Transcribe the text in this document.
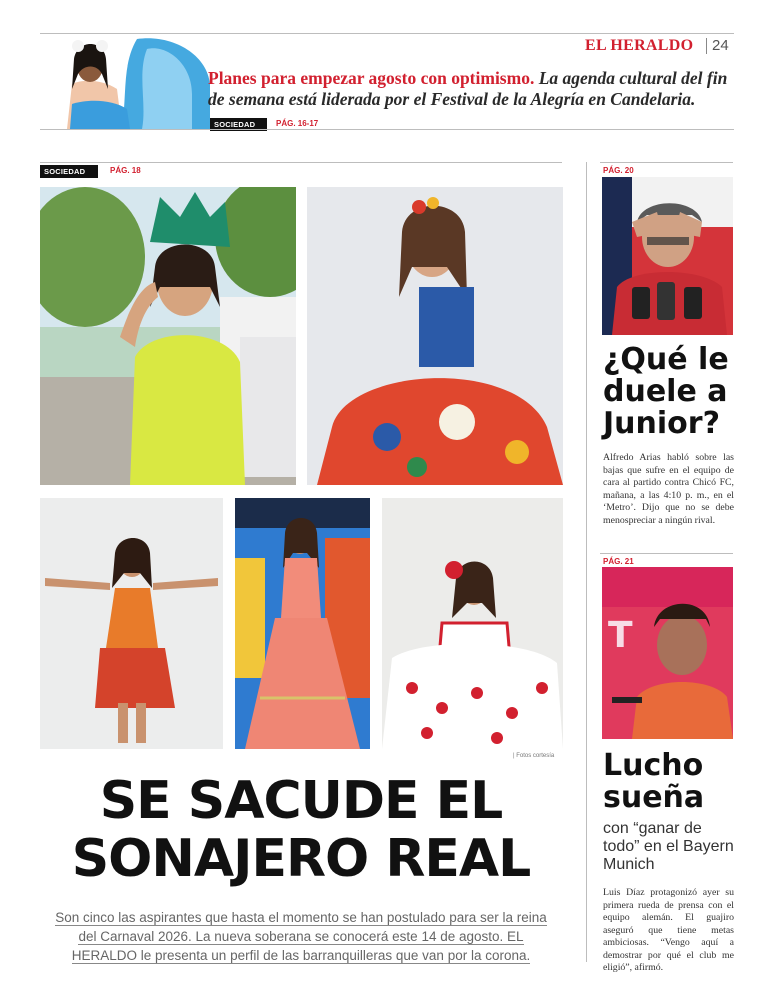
EL HERALDO 24
Planes para empezar agosto con optimismo. La agenda cultural del fin de semana está liderada por el Festival de la Alegría en Candelaria.
SOCIEDAD	PÁG. 16-17
SOCIEDAD	PÁG. 18
| Fotos cortesía
SE SACUDE EL
SONAJERO REAL
Son cinco las aspirantes que hasta el momento se han postulado para ser la reina del Carnaval 2026. La nueva soberana se conocerá este 14 de agosto. EL HERALDO le presenta un perfil de las barranquilleras que van por la corona.
PÁG. 20
¿Qué le duele a Junior?
Alfredo Arias habló sobre las bajas que sufre en el equipo de cara al partido contra Chicó FC, mañana, a las 4:10 p. m., en el ‘Metro’. Dijo que no se debe menospreciar a ningún rival.
PÁG. 21
T
Lucho sueña
con “ganar de todo” en el Bayern Munich
Luis Díaz protagonizó ayer su primera rueda de prensa con el equipo alemán. El guajiro aseguró que tiene metas ambiciosas. “Vengo aquí a demostrar por qué el club me eligió”, afirmó.
